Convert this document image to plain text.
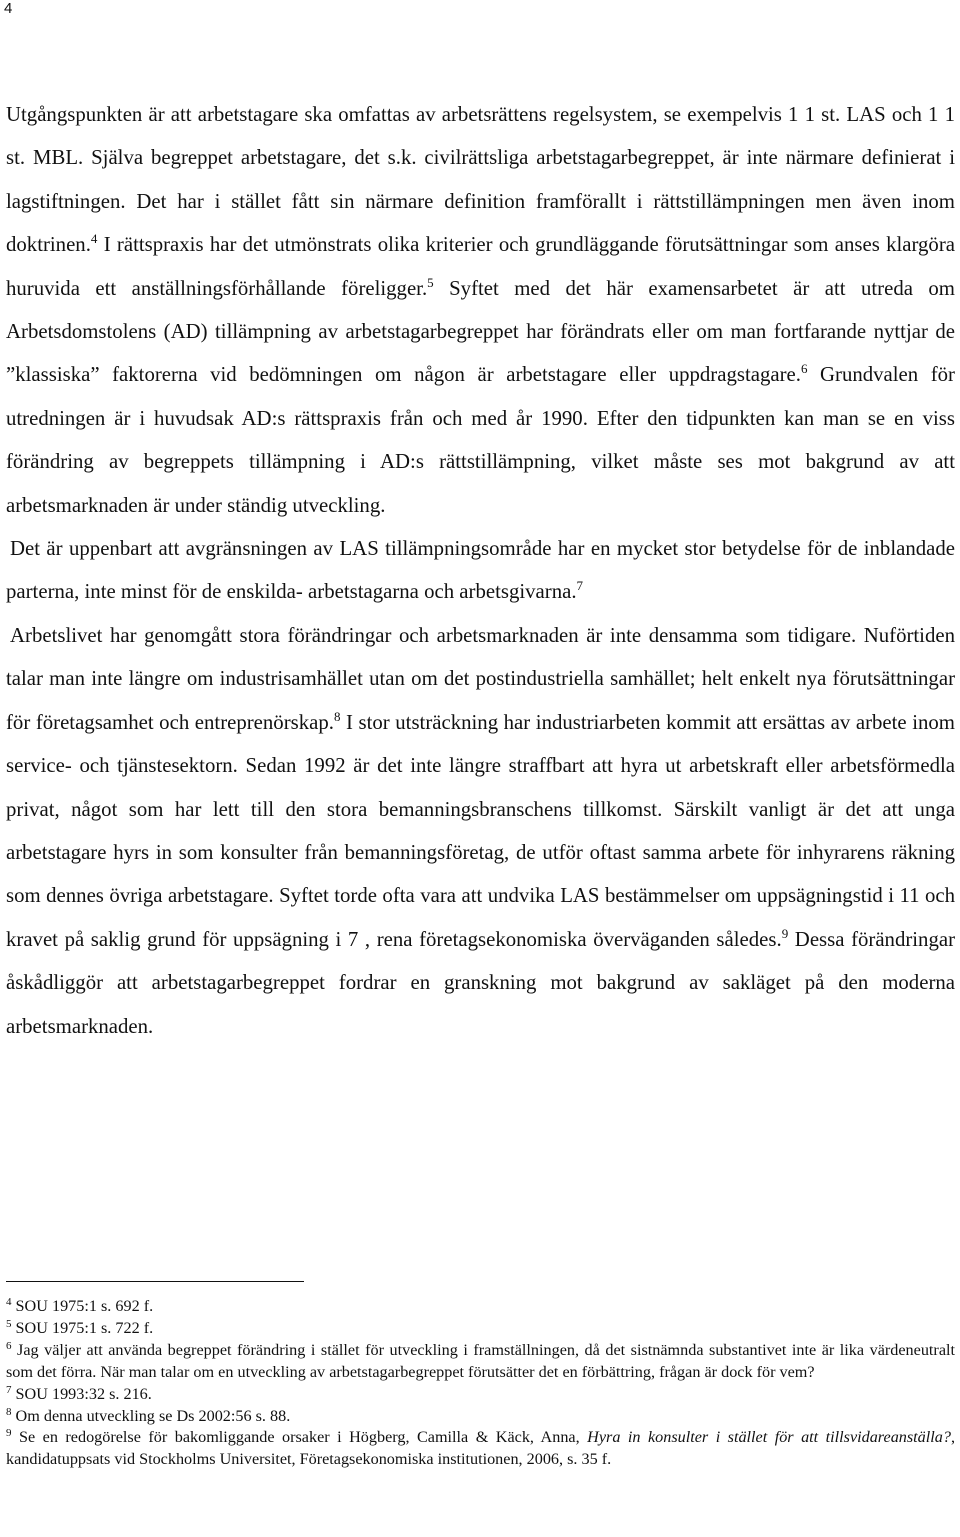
4

Utgångspunkten är att arbetstagare ska omfattas av arbetsrättens regelsystem, se exempelvis 1 1 st. LAS och 1 1 st. MBL. Själva begreppet arbetstagare, det s.k. civilrättsliga arbetstagarbegreppet, är inte närmare definierat i lagstiftningen. Det har i stället fått sin närmare definition framförallt i rättstillämpningen men även inom doktrinen.$^4$ I rättspraxis har det utmönstrats olika kriterier och grundläggande förutsättningar som anses klargöra huruvida ett anställningsförhållande föreligger.$^5$ Syftet med det här examensarbetet är att utreda om Arbetsdomstolens (AD) tillämpning av arbetstagarbegreppet har förändrats eller om man fortfarande nyttjar de ”klassiska” faktorerna vid bedömningen om någon är arbetstagare eller uppdragstagare.$^6$ Grundvalen för utredningen är i huvudsak AD:s rättspraxis från och med år 1990. Efter den tidpunkten kan man se en viss förändring av begreppets tillämpning i AD:s rättstillämpning, vilket måste ses mot bakgrund av att arbetsmarknaden är under ständig utveckling.

Det är uppenbart att avgränsningen av LAS tillämpningsområde har en mycket stor betydelse för de inblandade parterna, inte minst för de enskilda- arbetstagarna och arbetsgivarna.$^7$

Arbetslivet har genomgått stora förändringar och arbetsmarknaden är inte densamma som tidigare. Nuförtiden talar man inte längre om industrisamhället utan om det postindustriella samhället; helt enkelt nya förutsättningar för företagsamhet och entreprenörskap.$^8$ I stor utsträckning har industriarbeten kommit att ersättas av arbete inom service- och tjänstesektorn. Sedan 1992 är det inte längre straffbart att hyra ut arbetskraft eller arbetsförmedla privat, något som har lett till den stora bemanningsbranschens tillkomst. Särskilt vanligt är det att unga arbetstagare hyrs in som konsulter från bemanningsföretag, de utför oftast samma arbete för inhyrarens räkning som dennes övriga arbetstagare. Syftet torde ofta vara att undvika LAS bestämmelser om uppsägningstid i 11 och kravet på saklig grund för uppsägning i 7 , rena företagsekonomiska överväganden således.$^9$ Dessa förändringar åskådliggör att arbetstagarbegreppet fordrar en granskning mot bakgrund av sakläget på den moderna arbetsmarknaden.

$^4$ SOU 1975:1 s. 692 f.

$^5$ SOU 1975:1 s. 722 f.

$^6$ Jag väljer att använda begreppet förändring i stället för utveckling i framställningen, då det sistnämnda substantivet inte är lika värdeneutralt som det förra. När man talar om en utveckling av arbetstagarbegreppet förutsätter det en förbättring, frågan är dock för vem?

$^7$ SOU 1993:32 s. 216.

$^8$ Om denna utveckling se Ds 2002:56 s. 88.

$^9$ Se en redogörelse för bakomliggande orsaker i Högberg, Camilla & Käck, Anna, Hyra in konsulter i stället för att tillsvidareanställa?, kandidatuppsats vid Stockholms Universitet, Företagsekonomiska institutionen, 2006, s. 35 f.
